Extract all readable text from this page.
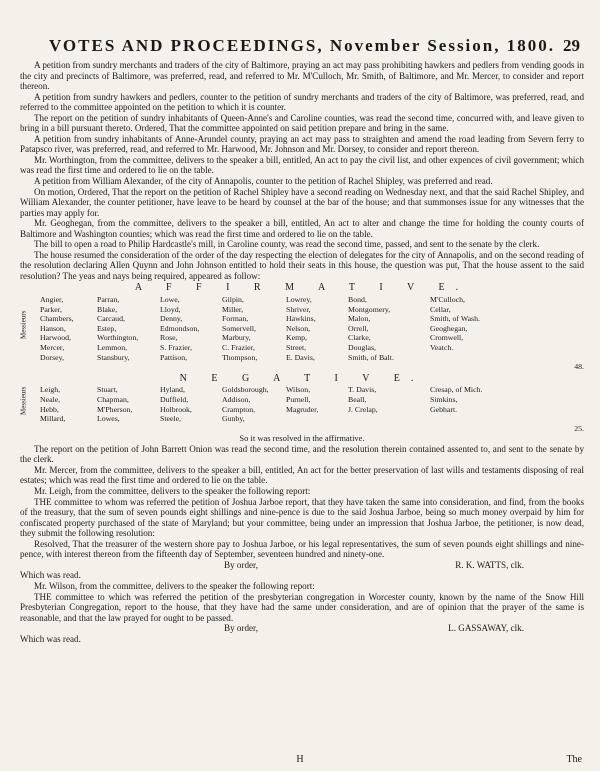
VOTES AND PROCEEDINGS, November Session, 1800. 29

A petition from sundry merchants and traders of the city of Baltimore, praying an act may pass prohibiting hawkers and pedlers from vending goods in the city and precincts of Baltimore, was preferred, read, and referred to Mr. M'Culloch, Mr. Smith, of Baltimore, and Mr. Mercer, to consider and report thereon.

A petition from sundry hawkers and pedlers, counter to the petition of sundry merchants and traders of the city of Baltimore, was preferred, read, and referred to the committee appointed on the petition to which it is counter.

The report on the petition of sundry inhabitants of Queen-Anne's and Caroline counties, was read the second time, concurred with, and leave given to bring in a bill pursuant thereto. Ordered, That the committee appointed on said petition prepare and bring in the same.

A petition from sundry inhabitants of Anne-Arundel county, praying an act may pass to straighten and amend the road leading from Severn ferry to Patapsco river, was preferred, read, and referred to Mr. Harwood, Mr. Johnson and Mr. Dorsey, to consider and report thereon.

Mr. Worthington, from the committee, delivers to the speaker a bill, entitled, An act to pay the civil list, and other expences of civil government; which was read the first time and ordered to lie on the table.

A petition from William Alexander, of the city of Annapolis, counter to the petition of Rachel Shipley, was preferred and read.

On motion, Ordered, That the report on the petition of Rachel Shipley have a second reading on Wednesday next, and that the said Rachel Shipley, and William Alexander, the counter petitioner, have leave to be heard by counsel at the bar of the house; and that summonses issue for any witnesses that the parties may apply for.

Mr. Geoghegan, from the committee, delivers to the speaker a bill, entitled, An act to alter and change the time for holding the county courts of Baltimore and Washington counties; which was read the first time and ordered to lie on the table.

The bill to open a road to Philip Hardcastle's mill, in Caroline county, was read the second time, passed, and sent to the senate by the clerk.

The house resumed the consideration of the order of the day respecting the election of delegates for the city of Annapolis, and on the second reading of the resolution declaring Allen Quynn and John Johnson entitled to hold their seats in this house, the question was put, That the house assent to the said resolution? The yeas and nays being required, appeared as follow:

A F F I R M A T I V E.
Messieurs
Angier,	Parran,	Lowe,	Gilpin,	Lowrey,	Bond,	M'Culloch,
Parker,	Blake,	Lloyd,	Miller,	Shriver,	Montgomery,	Cellar,
Chambers,	Carcaud,	Denny,	Forman,	Hawkins,	Malon,	Smith, of Wash.
Hanson,	Estep,	Edmondson,	Somervell,	Nelson,	Orrell,	Geoghegan,
Harwood,	Worthington,	Rose,	Marbury,	Kemp,	Clarke,	Cromwell,
Mercer,	Lemmon,	S. Frazier,	C. Frazier,	Street,	Douglas,	Veatch.
Dorsey,	Stansbury,	Pattison,	Thompson,	E. Davis,	Smith, of Balt.
48.
N E G A T I V E.
Messieurs Leigh,	Stuart,	Hyland,	Goldsborough,	Wilson,	T. Davis,	Cresap, of Mich.
Neale,	Chapman,	Duffield,	Addison,	Purnell,	Beall,	Simkins,
Hebb,	M'Pherson,	Holbrook,	Crampton,	Magruder,	J. Crelap,	Gebhart.
Millard,	Lowes,	Steele,	Gunby,
25.
So it was resolved in the affirmative.

The report on the petition of John Barrett Onion was read the second time, and the resolution therein contained assented to, and sent to the senate by the clerk.

Mr. Mercer, from the committee, delivers to the speaker a bill, entitled, An act for the better preservation of last wills and testaments disposing of real estates; which was read the first time and ordered to lie on the table.

Mr. Leigh, from the committee, delivers to the speaker the following report:

THE committee to whom was referred the petition of Joshua Jarboe report, that they have taken the same into consideration, and find, from the books of the treasury, that the sum of seven pounds eight shillings and nine-pence is due to the said Joshua Jarboe, being so much money overpaid by him for confiscated property purchased of the state of Maryland; but your committee, being under an impression that Joshua Jarboe, the petitioner, is now dead, they submit the following resolution:

Resolved, That the treasurer of the western shore pay to Joshua Jarboe, or his legal representatives, the sum of seven pounds eight shillings and nine-pence, with interest thereon from the fifteenth day of September, seventeen hundred and ninety-one.

By order,	R. K. WATTS, clk.

Which was read.

Mr. Wilson, from the committee, delivers to the speaker the following report:

THE committee to which was referred the petition of the presbyterian congregation in Worcester county, known by the name of the Snow Hill Presbyterian Congregation, report to the house, that they have had the same under consideration, and are of opinion that the prayer of the same is reasonable, and that the law prayed for ought to be passed.

By order,	L. GASSAWAY, clk.

Which was read.

H	The
